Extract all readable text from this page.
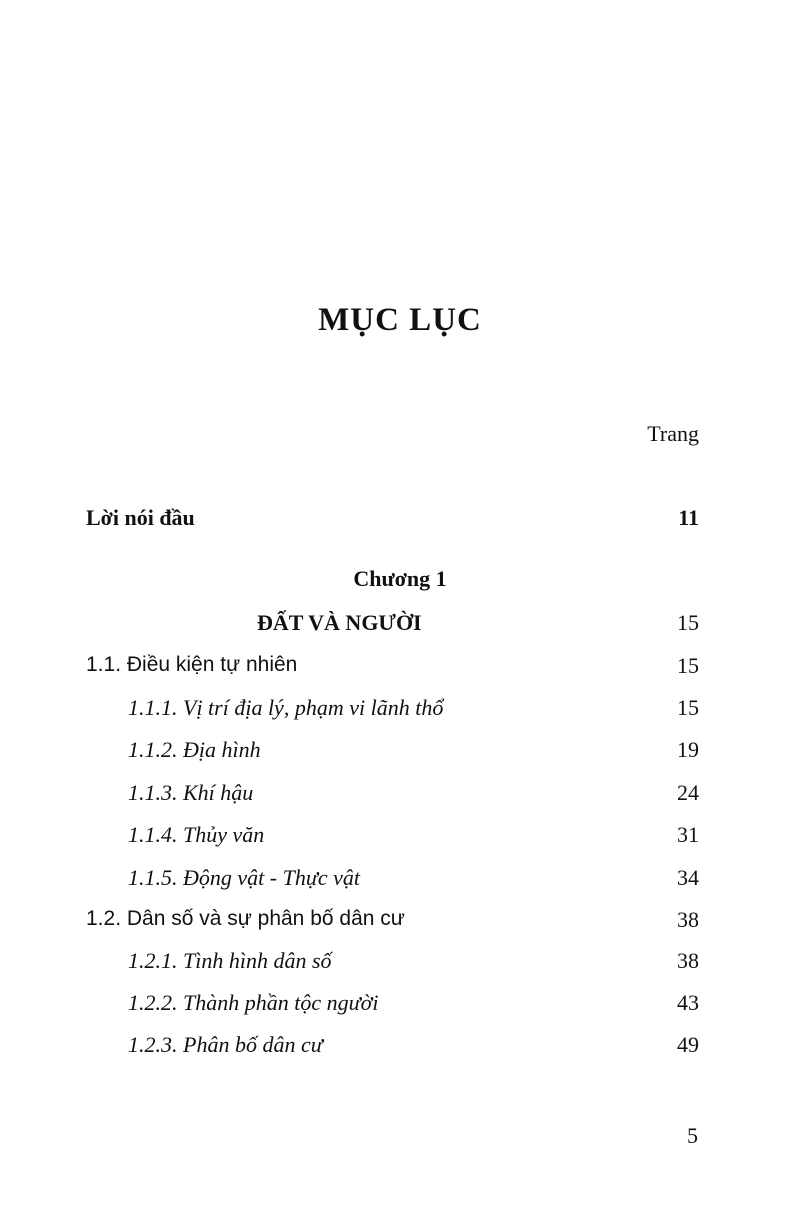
MỤC LỤC
Trang
Lời nói đầu	11
Chương 1
ĐẤT VÀ NGƯỜI	15
1.1. Điều kiện tự nhiên	15
1.1.1. Vị trí địa lý, phạm vi lãnh thổ	15
1.1.2. Địa hình	19
1.1.3. Khí hậu	24
1.1.4. Thủy văn	31
1.1.5. Động vật - Thực vật	34
1.2. Dân số và sự phân bố dân cư	38
1.2.1. Tình hình dân số	38
1.2.2. Thành phần tộc người	43
1.2.3. Phân bố dân cư	49
5
